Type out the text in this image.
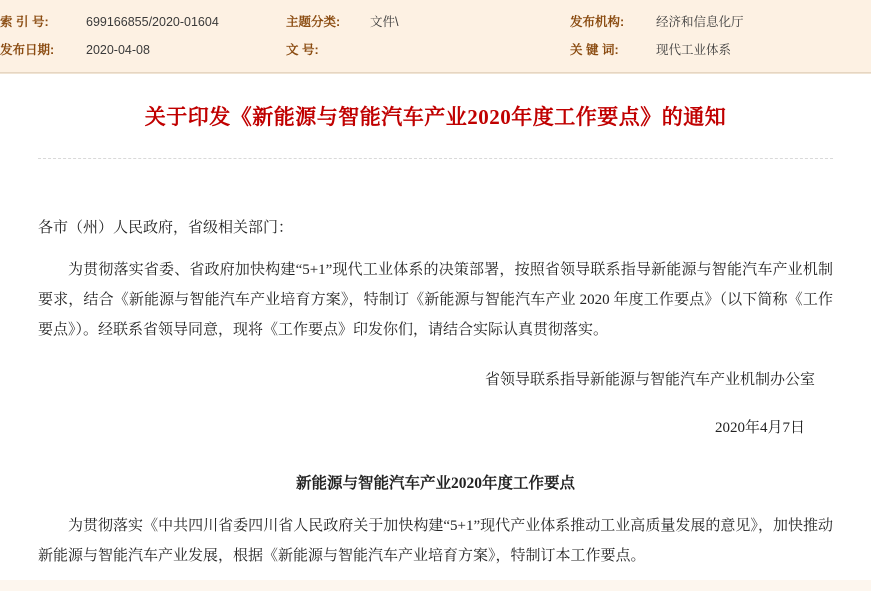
索 引 号:	699166855/2020-01604	主题分类:	文件\	发布机构:	经济和信息化厅
发布日期:	2020-04-08	文 号:		关 键 词:	现代工业体系
关于印发《新能源与智能汽车产业2020年度工作要点》的通知
各市（州）人民政府，省级相关部门：

为贯彻落实省委、省政府加快构建“5+1”现代工业体系的决策部署，按照省领导联系指导新能源与智能汽车产业机制要求，结合《新能源与智能汽车产业培育方案》，特制订《新能源与智能汽车产业 2020 年度工作要点》（以下简称《工作要点》）。经联系省领导同意，现将《工作要点》印发你们，请结合实际认真贯彻落实。

省领导联系指导新能源与智能汽车产业机制办公室
2020年4月7日
新能源与智能汽车产业2020年度工作要点

为贯彻落实《中共四川省委四川省人民政府关于加快构建“5+1”现代产业体系推动工业高质量发展的意见》，加快推动新能源与智能汽车产业发展，根据《新能源与智能汽车产业培育方案》，特制订本工作要点。
